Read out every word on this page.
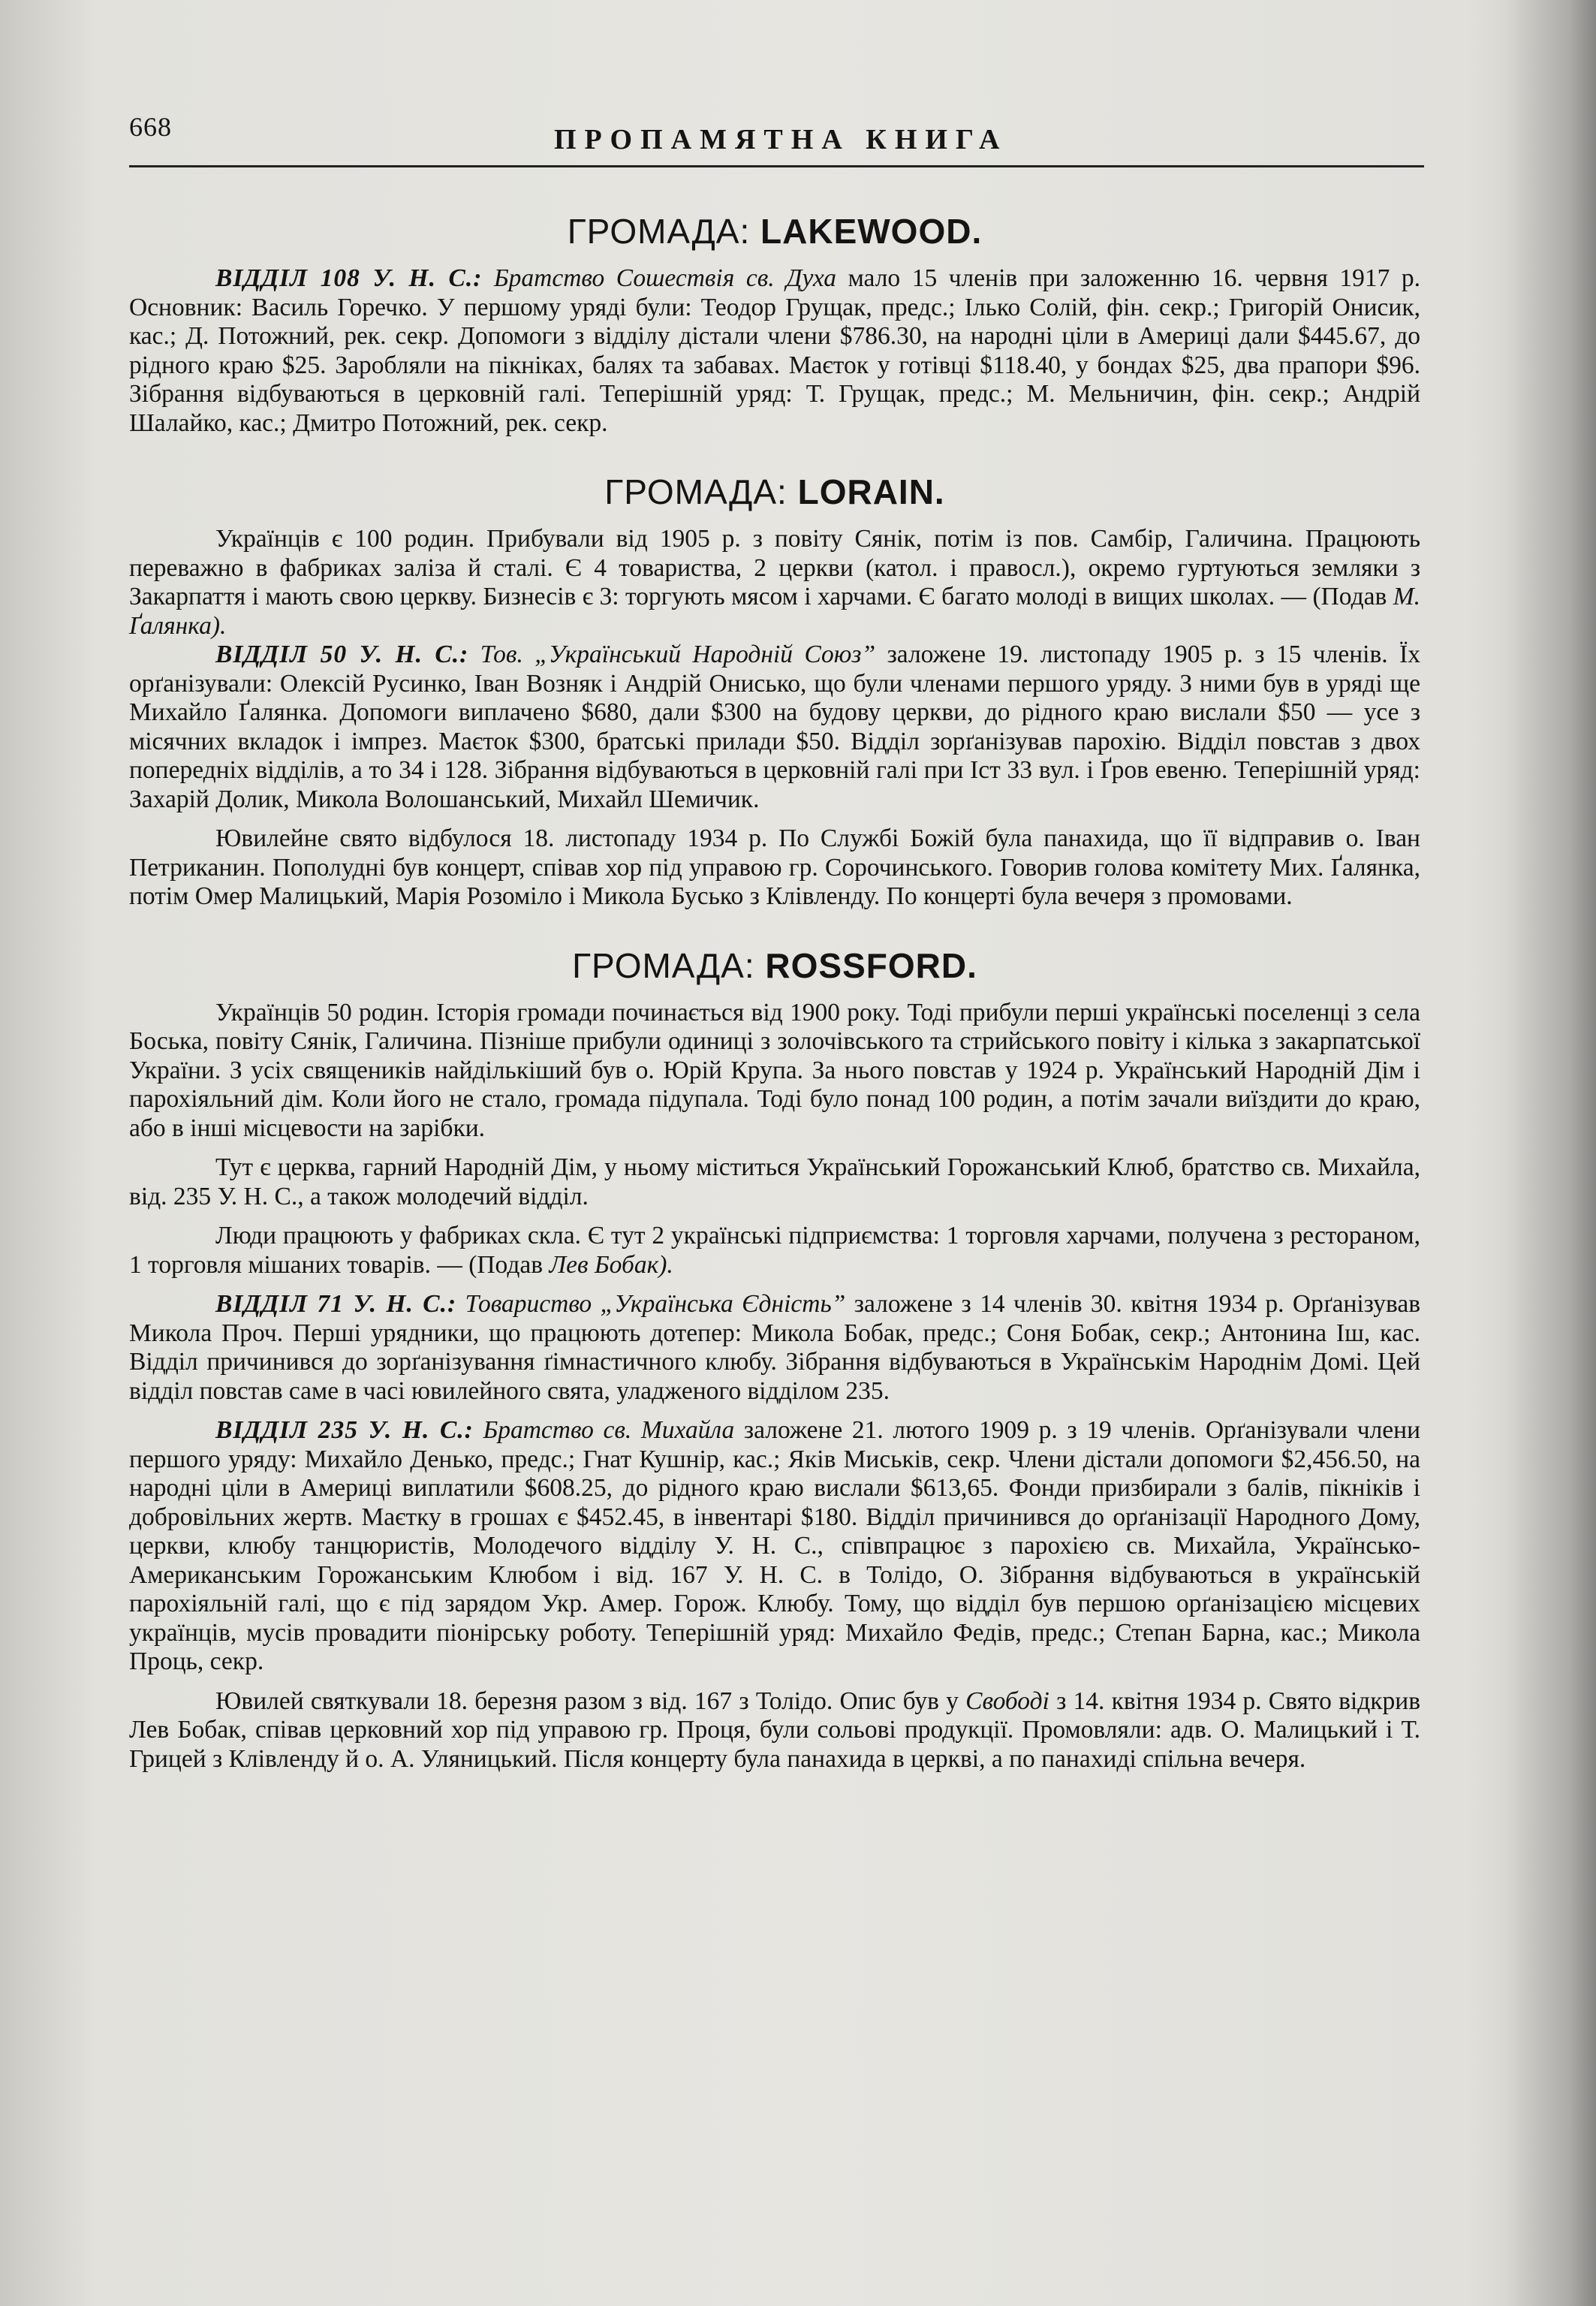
668	ПРОПАМЯТНА КНИГА
ГРОМАДА: LAKEWOOD.

ВІДДІЛ 108 У. Н. С.: Братство Сошествія св. Духа мало 15 членів при заложенню 16. червня 1917 р. Основник: Василь Горечко. У першому уряді були: Теодор Грущак, предс.; Ілько Солій, фін. секр.; Григорій Онисик, кас.; Д. Потожний, рек. секр. Допомоги з відділу дістали члени $786.30, на народні ціли в Америці дали $445.67, до рідного краю $25. Заробляли на пікніках, балях та забавах. Маєток у готівці $118.40, у бондах $25, два прапори $96. Зібрання відбуваються в церковній галі. Теперішній уряд: Т. Грущак, предс.; М. Мельничин, фін. секр.; Андрій Шалайко, кас.; Дмитро Потожний, рек. секр.

ГРОМАДА: LORAIN.

Українців є 100 родин. Прибували від 1905 р. з повіту Сянік, потім із пов. Самбір, Галичина. Працюють переважно в фабриках заліза й сталі. Є 4 товариства, 2 церкви (катол. і правосл.), окремо гуртуються земляки з Закарпаття і мають свою церкву. Бизнесів є 3: торгують мясом і харчами. Є багато молоді в вищих школах. — (Подав М. Ґалянка).

ВІДДІЛ 50 У. Н. С.: Тов. „Український Народній Союз” заложене 19. листопаду 1905 р. з 15 членів. Їх орґанізували: Олексій Русинко, Іван Возняк і Андрій Онисько, що були членами першого уряду. З ними був в уряді ще Михайло Ґалянка. Допомоги виплачено $680, дали $300 на будову церкви, до рідного краю вислали $50 — усе з місячних вкладок і імпрез. Маєток $300, братські прилади $50. Відділ зорґанізував парохію. Відділ повстав з двох попередніх відділів, а то 34 і 128. Зібрання відбуваються в церковній галі при Іст 33 вул. і Ґров евеню. Теперішній уряд: Захарій Долик, Микола Волошанський, Михайл Шемичик.

Ювилейне свято відбулося 18. листопаду 1934 р. По Службі Божій була панахида, що її відправив о. Іван Петриканин. Пополудні був концерт, співав хор під управою гр. Сорочинського. Говорив голова комітету Мих. Ґалянка, потім Омер Малицький, Марія Розоміло і Микола Бусько з Клівленду. По концерті була вечеря з промовами.

ГРОМАДА: ROSSFORD.

Українців 50 родин. Історія громади починається від 1900 року. Тоді прибули перші українські поселенці з села Боська, повіту Сянік, Галичина. Пізніше прибули одиниці з золочівського та стрийського повіту і кілька з закарпатської України. З усіх священиків найдількіший був о. Юрій Крупа. За нього повстав у 1924 р. Український Народній Дім і парохіяльний дім. Коли його не стало, громада підупала. Тоді було понад 100 родин, а потім зачали виїздити до краю, або в інші місцевости на зарібки.

Тут є церква, гарний Народній Дім, у ньому міститься Український Горожанський Клюб, братство св. Михайла, від. 235 У. Н. С., а також молодечий відділ.

Люди працюють у фабриках скла. Є тут 2 українські підприємства: 1 торговля харчами, получена з рестораном, 1 торговля мішаних товарів. — (Подав Лев Бобак).

ВІДДІЛ 71 У. Н. С.: Товариство „Українська Єдність” заложене з 14 членів 30. квітня 1934 р. Орґанізував Микола Проч. Перші урядники, що працюють дотепер: Микола Бобак, предс.; Соня Бобак, секр.; Антонина Іш, кас. Відділ причинився до зорґанізування ґімнастичного клюбу. Зібрання відбуваються в Українськім Народнім Домі. Цей відділ повстав саме в часі ювилейного свята, уладженого відділом 235.

ВІДДІЛ 235 У. Н. С.: Братство св. Михайла заложене 21. лютого 1909 р. з 19 членів. Орґанізували члени першого уряду: Михайло Денько, предс.; Гнат Кушнір, кас.; Яків Миськів, секр. Члени дістали допомоги $2,456.50, на народні ціли в Америці виплатили $608.25, до рідного краю вислали $613,65. Фонди призбирали з балів, пікніків і добровільних жертв. Маєтку в грошах є $452.45, в інвентарі $180. Відділ причинився до орґанізації Народного Дому, церкви, клюбу танцюристів, Молодечого відділу У. Н. С., співпрацює з парохією св. Михайла, Українсько-Американським Горожанським Клюбом і від. 167 У. Н. С. в Толідо, О. Зібрання відбуваються в українській парохіяльній галі, що є під зарядом Укр. Амер. Горож. Клюбу. Тому, що відділ був першою орґанізацією місцевих українців, мусів провадити піонірську роботу. Теперішній уряд: Михайло Федів, предс.; Степан Барна, кас.; Микола Проць, секр.

Ювилей святкували 18. березня разом з від. 167 з Толідо. Опис був у Свободі з 14. квітня 1934 р. Свято відкрив Лев Бобак, співав церковний хор під управою гр. Проця, були сольові продукції. Промовляли: адв. О. Малицький і Т. Грицей з Клівленду й о. А. Уляницький. Після концерту була панахида в церкві, а по панахиді спільна вечеря.
